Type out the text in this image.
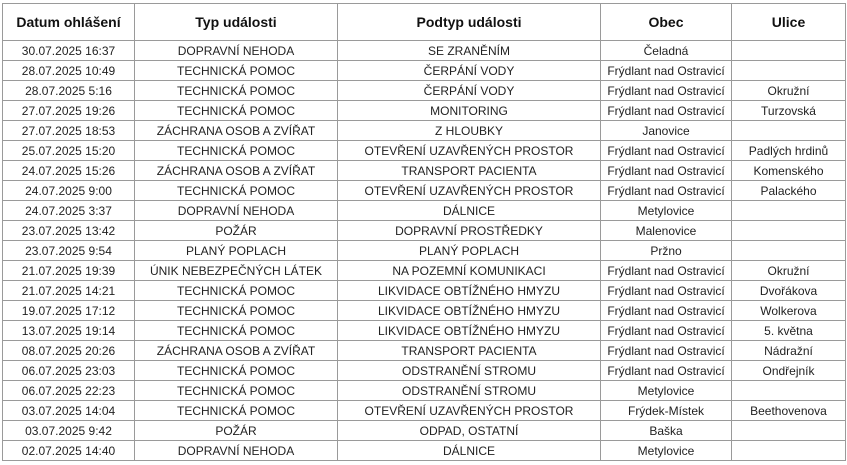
Datum ohlášení	Typ události	Podtyp události	Obec	Ulice
30.07.2025 16:37	DOPRAVNÍ NEHODA	SE ZRANĚNÍM	Čeladná	
28.07.2025 10:49	TECHNICKÁ POMOC	ČERPÁNÍ VODY	Frýdlant nad Ostravicí	
28.07.2025 5:16	TECHNICKÁ POMOC	ČERPÁNÍ VODY	Frýdlant nad Ostravicí	Okružní
27.07.2025 19:26	TECHNICKÁ POMOC	MONITORING	Frýdlant nad Ostravicí	Turzovská
27.07.2025 18:53	ZÁCHRANA OSOB A ZVÍŘAT	Z HLOUBKY	Janovice	
25.07.2025 15:20	TECHNICKÁ POMOC	OTEVŘENÍ UZAVŘENÝCH PROSTOR	Frýdlant nad Ostravicí	Padlých hrdinů
24.07.2025 15:26	ZÁCHRANA OSOB A ZVÍŘAT	TRANSPORT PACIENTA	Frýdlant nad Ostravicí	Komenského
24.07.2025 9:00	TECHNICKÁ POMOC	OTEVŘENÍ UZAVŘENÝCH PROSTOR	Frýdlant nad Ostravicí	Palackého
24.07.2025 3:37	DOPRAVNÍ NEHODA	DÁLNICE	Metylovice	
23.07.2025 13:42	POŽÁR	DOPRAVNÍ PROSTŘEDKY	Malenovice	
23.07.2025 9:54	PLANÝ POPLACH	PLANÝ POPLACH	Pržno	
21.07.2025 19:39	ÚNIK NEBEZPEČNÝCH LÁTEK	NA POZEMNÍ KOMUNIKACI	Frýdlant nad Ostravicí	Okružní
21.07.2025 14:21	TECHNICKÁ POMOC	LIKVIDACE OBTÍŽNÉHO HMYZU	Frýdlant nad Ostravicí	Dvořákova
19.07.2025 17:12	TECHNICKÁ POMOC	LIKVIDACE OBTÍŽNÉHO HMYZU	Frýdlant nad Ostravicí	Wolkerova
13.07.2025 19:14	TECHNICKÁ POMOC	LIKVIDACE OBTÍŽNÉHO HMYZU	Frýdlant nad Ostravicí	5. května
08.07.2025 20:26	ZÁCHRANA OSOB A ZVÍŘAT	TRANSPORT PACIENTA	Frýdlant nad Ostravicí	Nádražní
06.07.2025 23:03	TECHNICKÁ POMOC	ODSTRANĚNÍ STROMU	Frýdlant nad Ostravicí	Ondřejník
06.07.2025 22:23	TECHNICKÁ POMOC	ODSTRANĚNÍ STROMU	Metylovice	
03.07.2025 14:04	TECHNICKÁ POMOC	OTEVŘENÍ UZAVŘENÝCH PROSTOR	Frýdek-Místek	Beethovenova
03.07.2025 9:42	POŽÁR	ODPAD, OSTATNÍ	Baška	
02.07.2025 14:40	DOPRAVNÍ NEHODA	DÁLNICE	Metylovice	
